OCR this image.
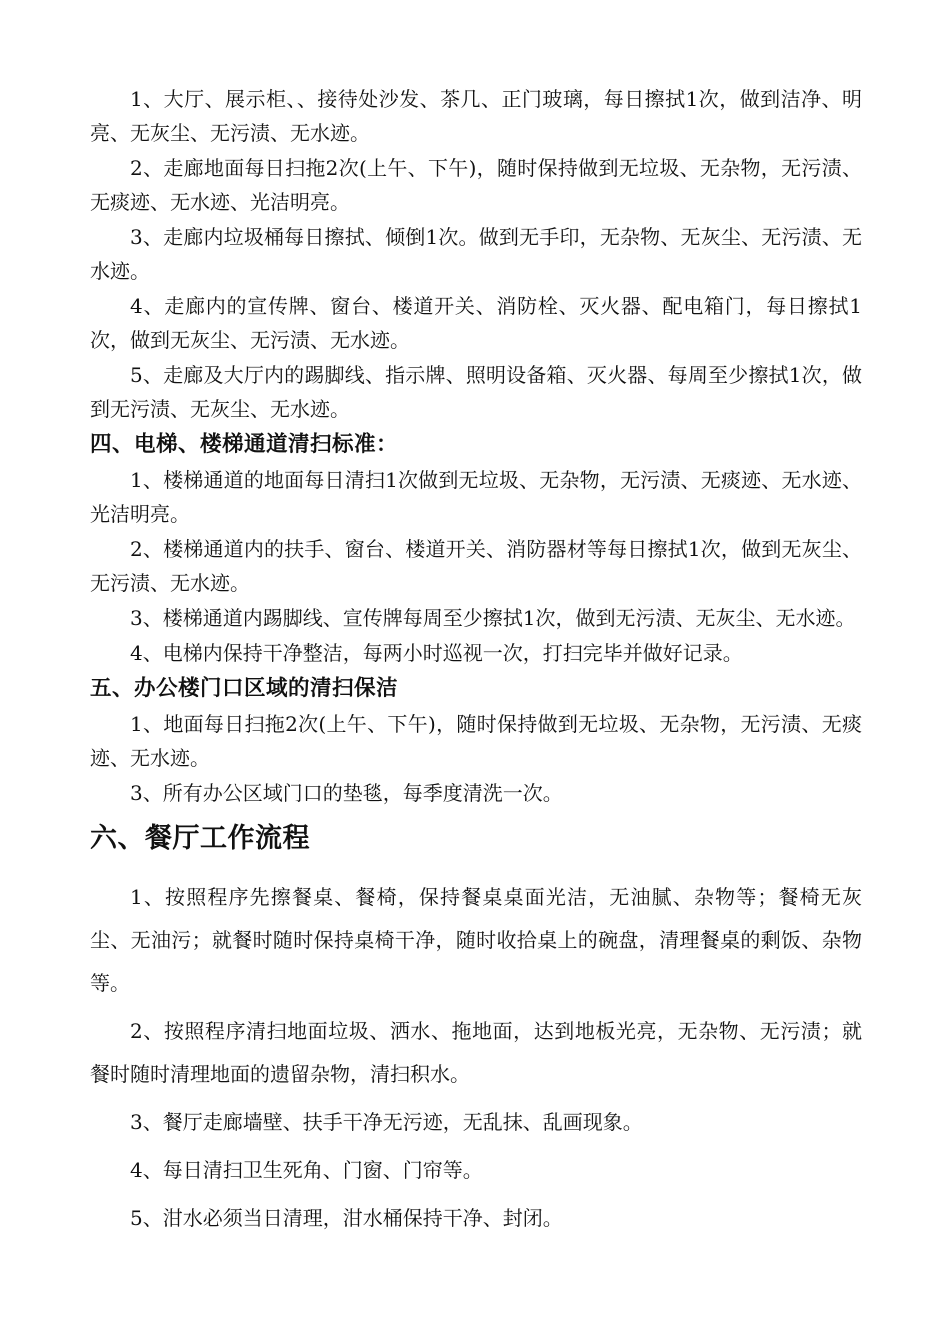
1、大厅、展示柜、、接待处沙发、茶几、正门玻璃，每日擦拭1次，做到洁净、明亮、无灰尘、无污渍、无水迹。

2、走廊地面每日扫拖2次(上午、下午)，随时保持做到无垃圾、无杂物，无污渍、无痰迹、无水迹、光洁明亮。

3、走廊内垃圾桶每日擦拭、倾倒1次。做到无手印，无杂物、无灰尘、无污渍、无水迹。

4、走廊内的宣传牌、窗台、楼道开关、消防栓、灭火器、配电箱门，每日擦拭1次，做到无灰尘、无污渍、无水迹。

5、走廊及大厅内的踢脚线、指示牌、照明设备箱、灭火器、每周至少擦拭1次，做到无污渍、无灰尘、无水迹。

四、电梯、楼梯通道清扫标准：

1、楼梯通道的地面每日清扫1次做到无垃圾、无杂物，无污渍、无痰迹、无水迹、光洁明亮。

2、楼梯通道内的扶手、窗台、楼道开关、消防器材等每日擦拭1次，做到无灰尘、无污渍、无水迹。

3、楼梯通道内踢脚线、宣传牌每周至少擦拭1次，做到无污渍、无灰尘、无水迹。

4、电梯内保持干净整洁，每两小时巡视一次，打扫完毕并做好记录。

五、办公楼门口区域的清扫保洁

1、地面每日扫拖2次(上午、下午)，随时保持做到无垃圾、无杂物，无污渍、无痰迹、无水迹。

3、所有办公区域门口的垫毯，每季度清洗一次。

六、餐厅工作流程

1、按照程序先擦餐桌、餐椅，保持餐桌桌面光洁，无油腻、杂物等；餐椅无灰尘、无油污；就餐时随时保持桌椅干净，随时收拾桌上的碗盘，清理餐桌的剩饭、杂物等。

2、按照程序清扫地面垃圾、洒水、拖地面，达到地板光亮，无杂物、无污渍；就餐时随时清理地面的遗留杂物，清扫积水。

3、餐厅走廊墙壁、扶手干净无污迹，无乱抹、乱画现象。

4、每日清扫卫生死角、门窗、门帘等。

5、泔水必须当日清理，泔水桶保持干净、封闭。
